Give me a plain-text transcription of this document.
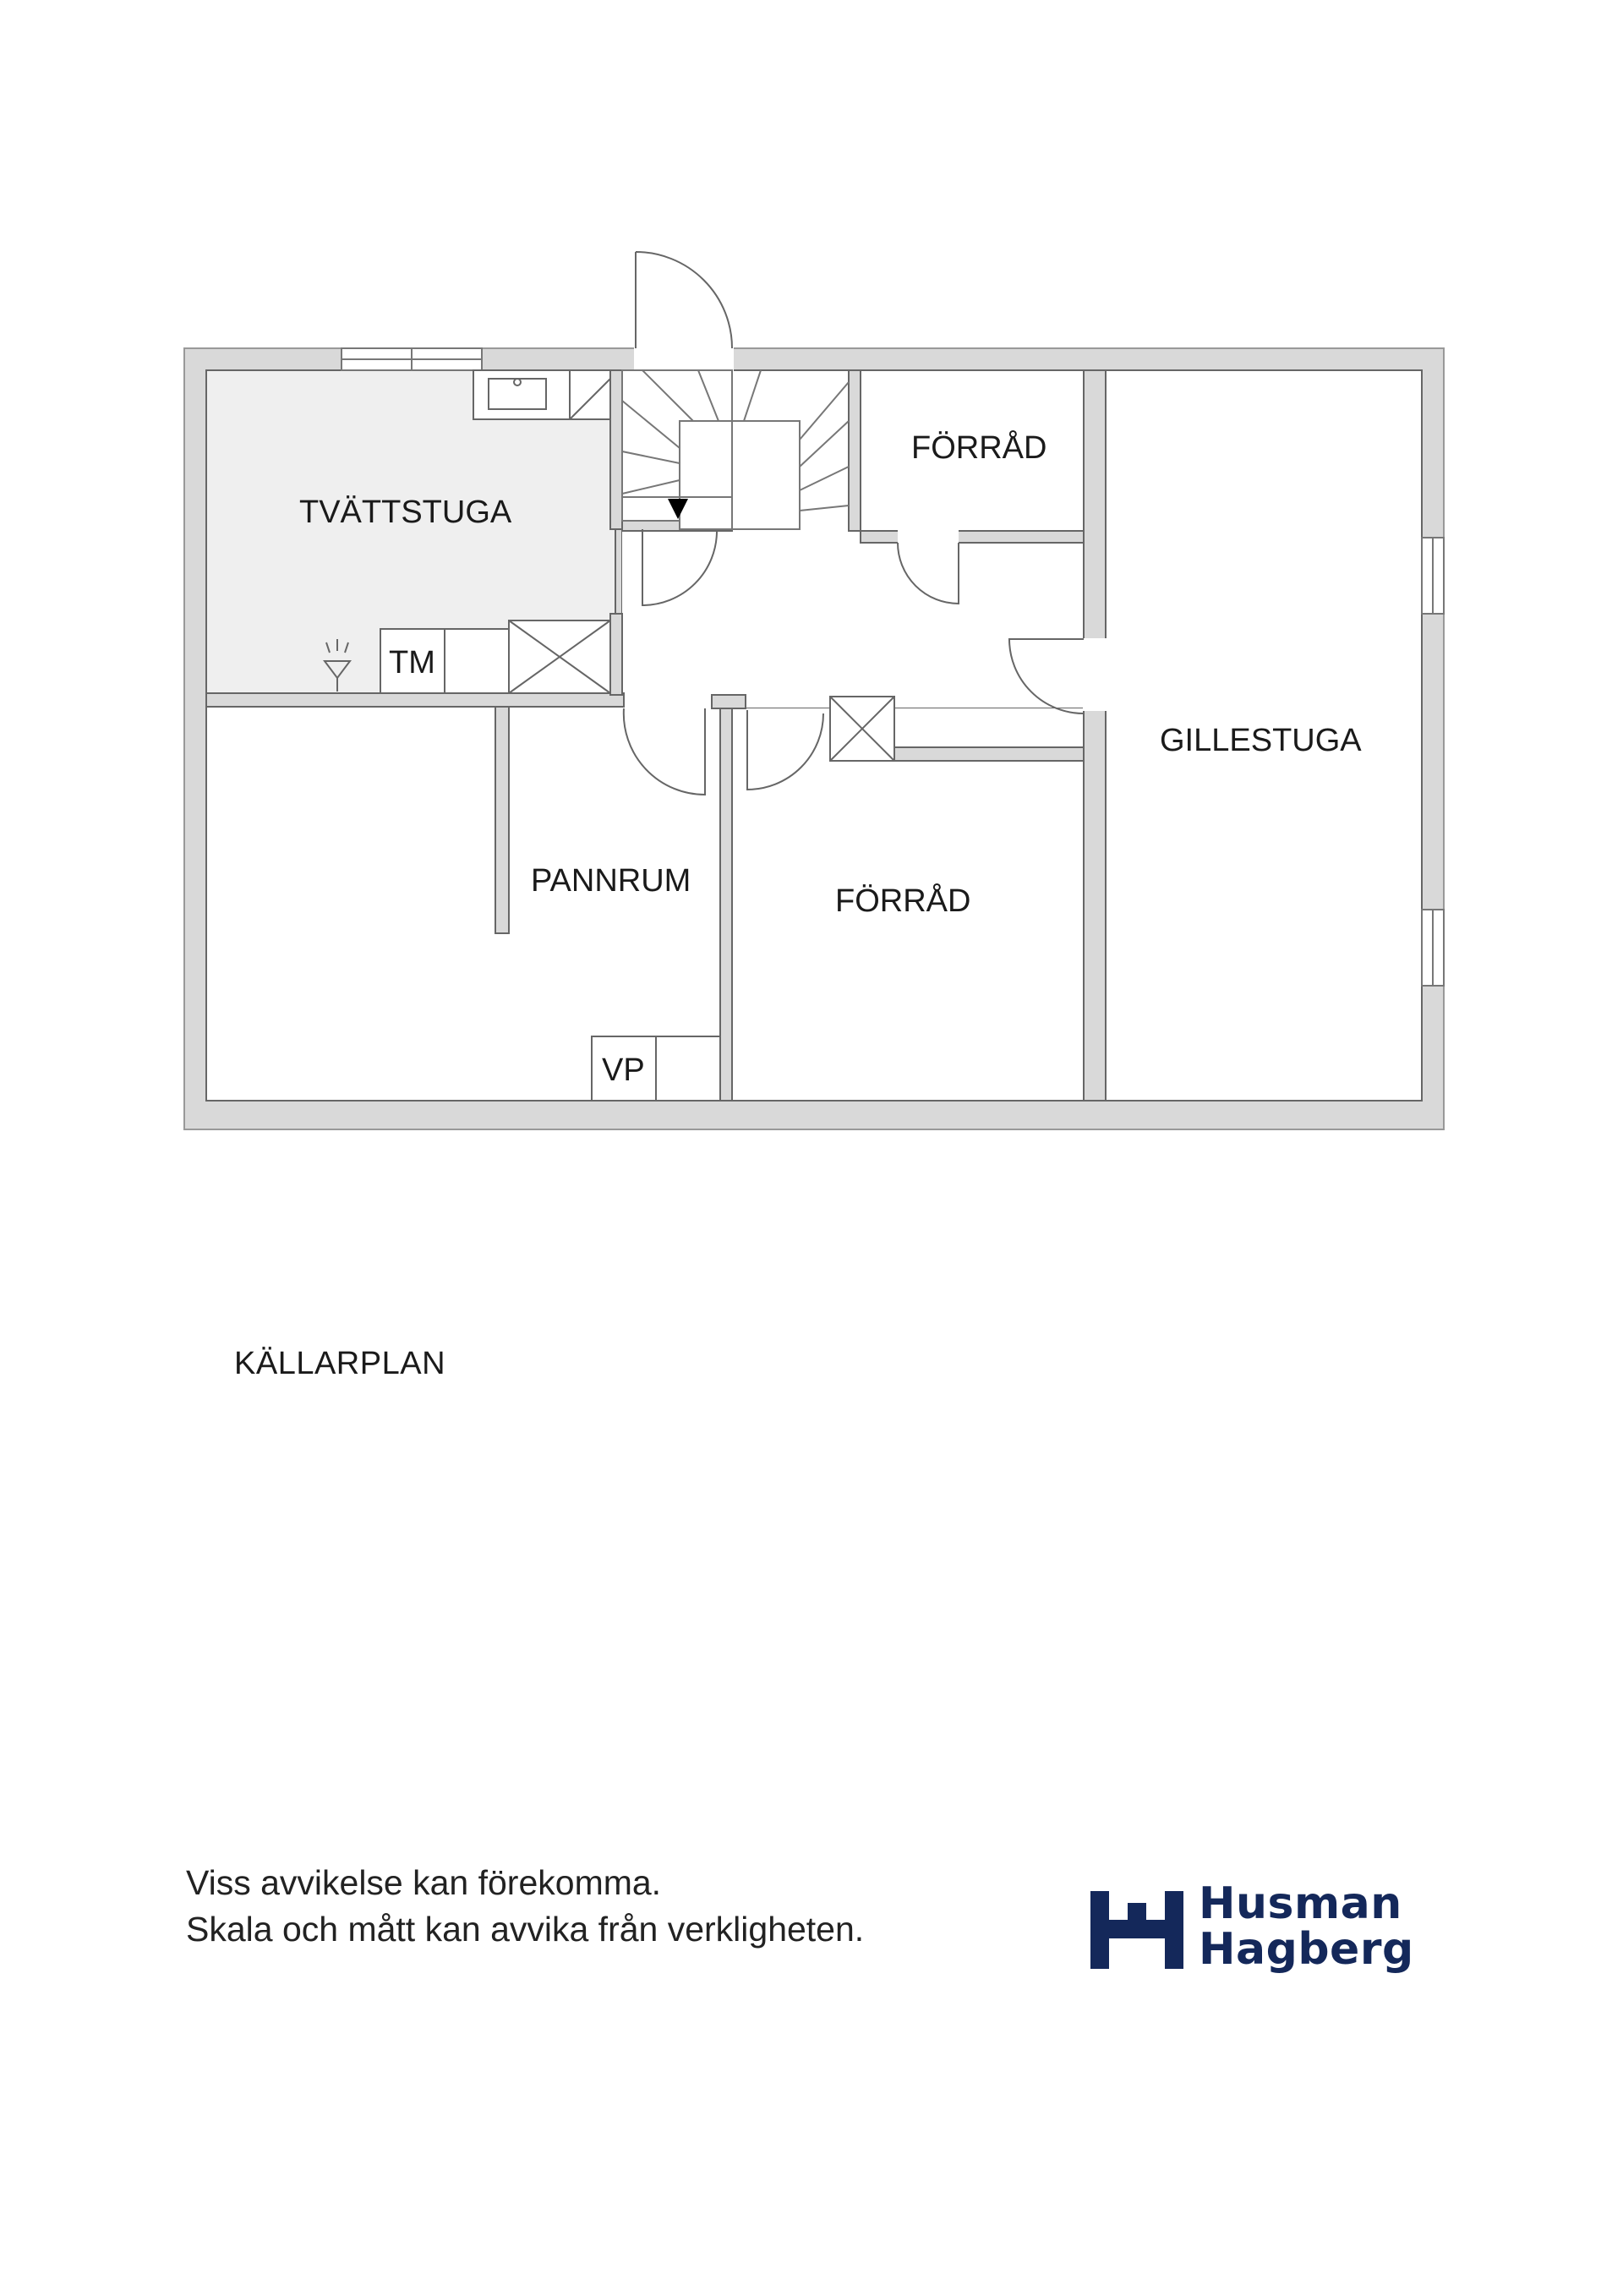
TM
VP
TVÄTTSTUGA
FÖRRÅD
GILLESTUGA
PANNRUM
FÖRRÅD
KÄLLARPLAN
Viss avvikelse kan förekomma.
Skala och mått kan avvika från verkligheten.	Husman
Hagberg
